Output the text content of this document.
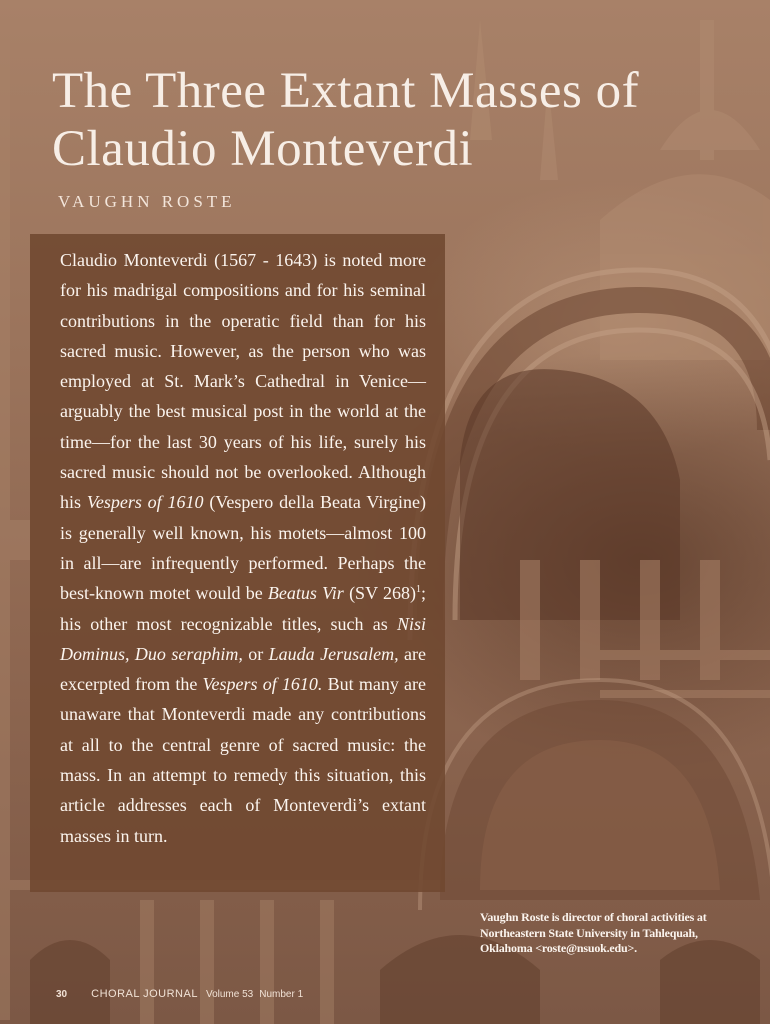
The Three Extant Masses of
Claudio Monteverdi

VAUGHN ROSTE

Claudio Monteverdi (1567 - 1643) is noted more for his madrigal compositions and for his seminal contributions in the operatic field than for his sacred music. However, as the person who was employed at St. Mark’s Cathedral in Venice—arguably the best musical post in the world at the time—for the last 30 years of his life, surely his sacred music should not be overlooked. Although his Vespers of 1610 (Vespero della Beata Virgine) is generally well known, his motets—almost 100 in all—are infrequently performed. Perhaps the best-known motet would be Beatus Vir (SV 268)$^1$; his other most recognizable titles, such as Nisi Dominus, Duo seraphim, or Lauda Jerusalem, are excerpted from the Vespers of 1610. But many are unaware that Monteverdi made any contributions at all to the central genre of sacred music: the mass. In an attempt to remedy this situation, this article addresses each of Monteverdi’s extant masses in turn.

Vaughn Roste is director of choral activities at Northeastern State University in Tahlequah, Oklahoma <roste@nsuok.edu>.

30 CHORAL JOURNAL Volume 53 Number 1
